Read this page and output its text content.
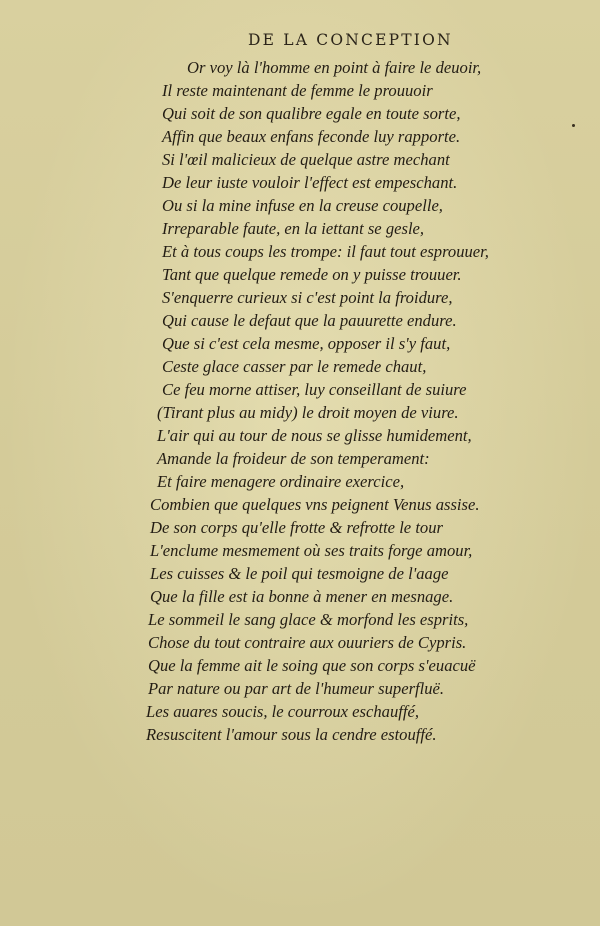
DE LA CONCEPTION
Or voy là l'homme en point à faire le deuoir,
Il reste maintenant de femme le prouuoir
Qui soit de son qualibre egale en toute sorte,
Affin que beaux enfans feconde luy rapporte.
Si l'œil malicieux de quelque astre mechant
De leur iuste vouloir l'effect est empeschant.
Ou si la mine infuse en la creuse coupelle,
Irreparable faute, en la iettant se gesle,
Et à tous coups les trompe: il faut tout esprouuer,
Tant que quelque remede on y puisse trouuer.
S'enquerre curieux si c'est point la froidure,
Qui cause le defaut que la pauurette endure.
Que si c'est cela mesme, opposer il s'y faut,
Ceste glace casser par le remede chaut,
Ce feu morne attiser, luy conseillant de suiure
(Tirant plus au midy) le droit moyen de viure.
L'air qui au tour de nous se glisse humidement,
Amande la froideur de son temperament:
Et faire menagere ordinaire exercice,
Combien que quelques vns peignent Venus assise.
De son corps qu'elle frotte & refrotte le tour
L'enclume mesmement où ses traits forge amour,
Les cuisses & le poil qui tesmoigne de l'aage
Que la fille est ia bonne à mener en mesnage.
Le sommeil le sang glace & morfond les esprits,
Chose du tout contraire aux ouuriers de Cypris.
Que la femme ait le soing que son corps s'euacuë
Par nature ou par art de l'humeur superfluë.
Les auares soucis, le courroux eschauffé,
Resuscitent l'amour sous la cendre estouffé.
